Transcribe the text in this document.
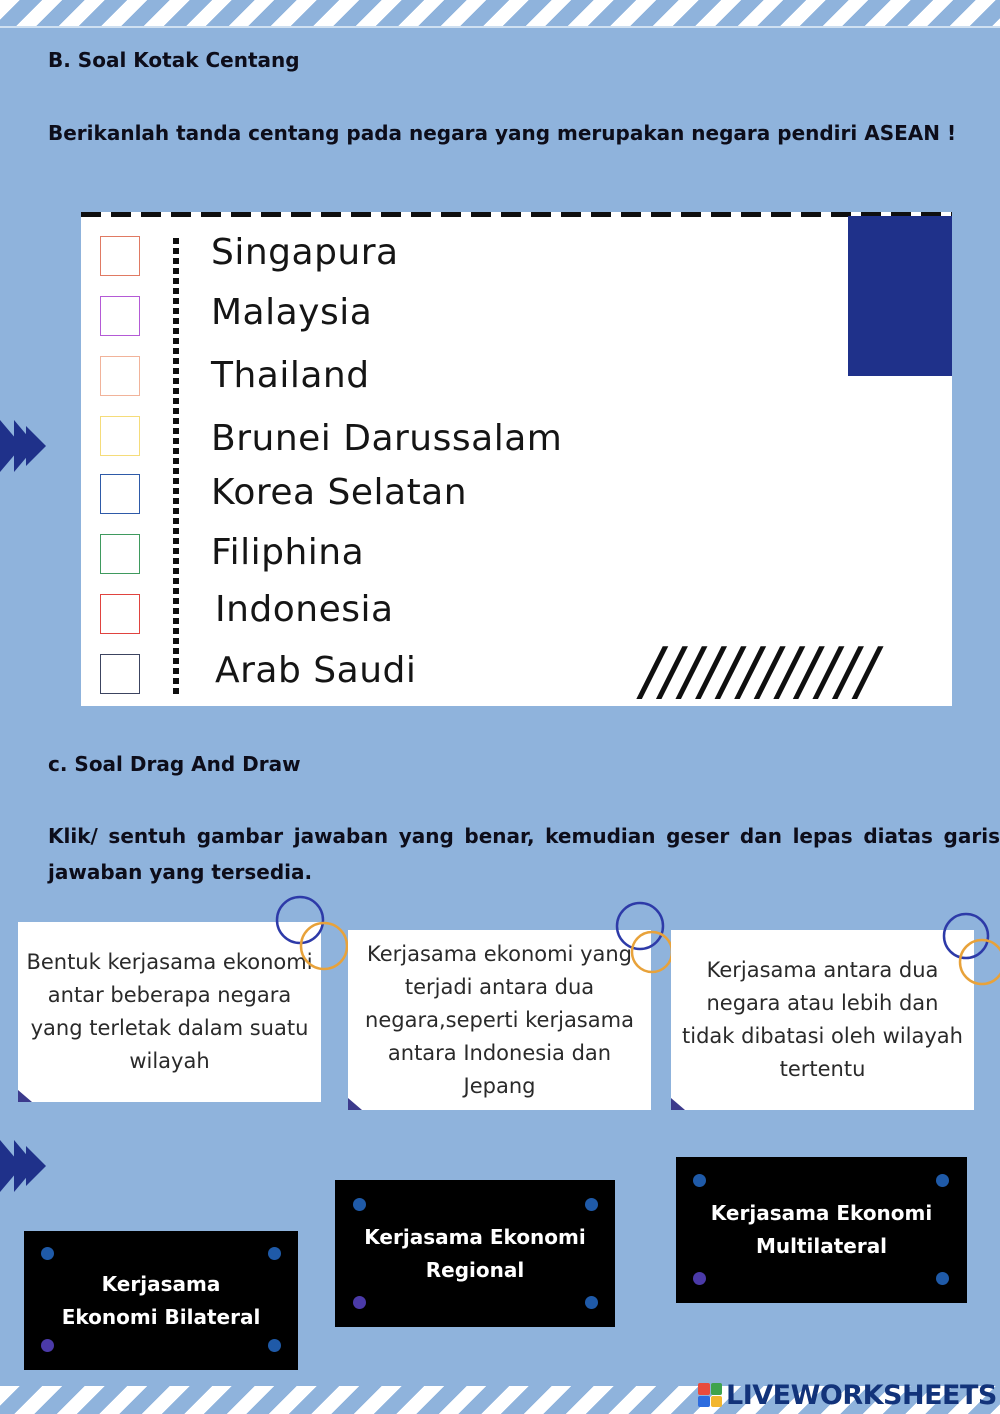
B. Soal Kotak Centang
Berikanlah tanda centang pada negara yang merupakan negara pendiri ASEAN !
Singapura
Malaysia
Thailand
Brunei Darussalam
Korea Selatan
Filiphina
Indonesia
Arab Saudi	////////////
c. Soal Drag And Draw
Klik/ sentuh gambar jawaban yang benar, kemudian geser dan lepas diatas garis jawaban yang tersedia.
Bentuk kerjasama ekonomi antar beberapa negara yang terletak dalam suatu wilayah
Kerjasama ekonomi yang terjadi antara dua negara,seperti kerjasama antara Indonesia dan Jepang
Kerjasama antara dua negara atau lebih dan tidak dibatasi oleh wilayah tertentu
Kerjasama Ekonomi Bilateral
Kerjasama Ekonomi Regional
Kerjasama Ekonomi Multilateral
LIVEWORKSHEETS
